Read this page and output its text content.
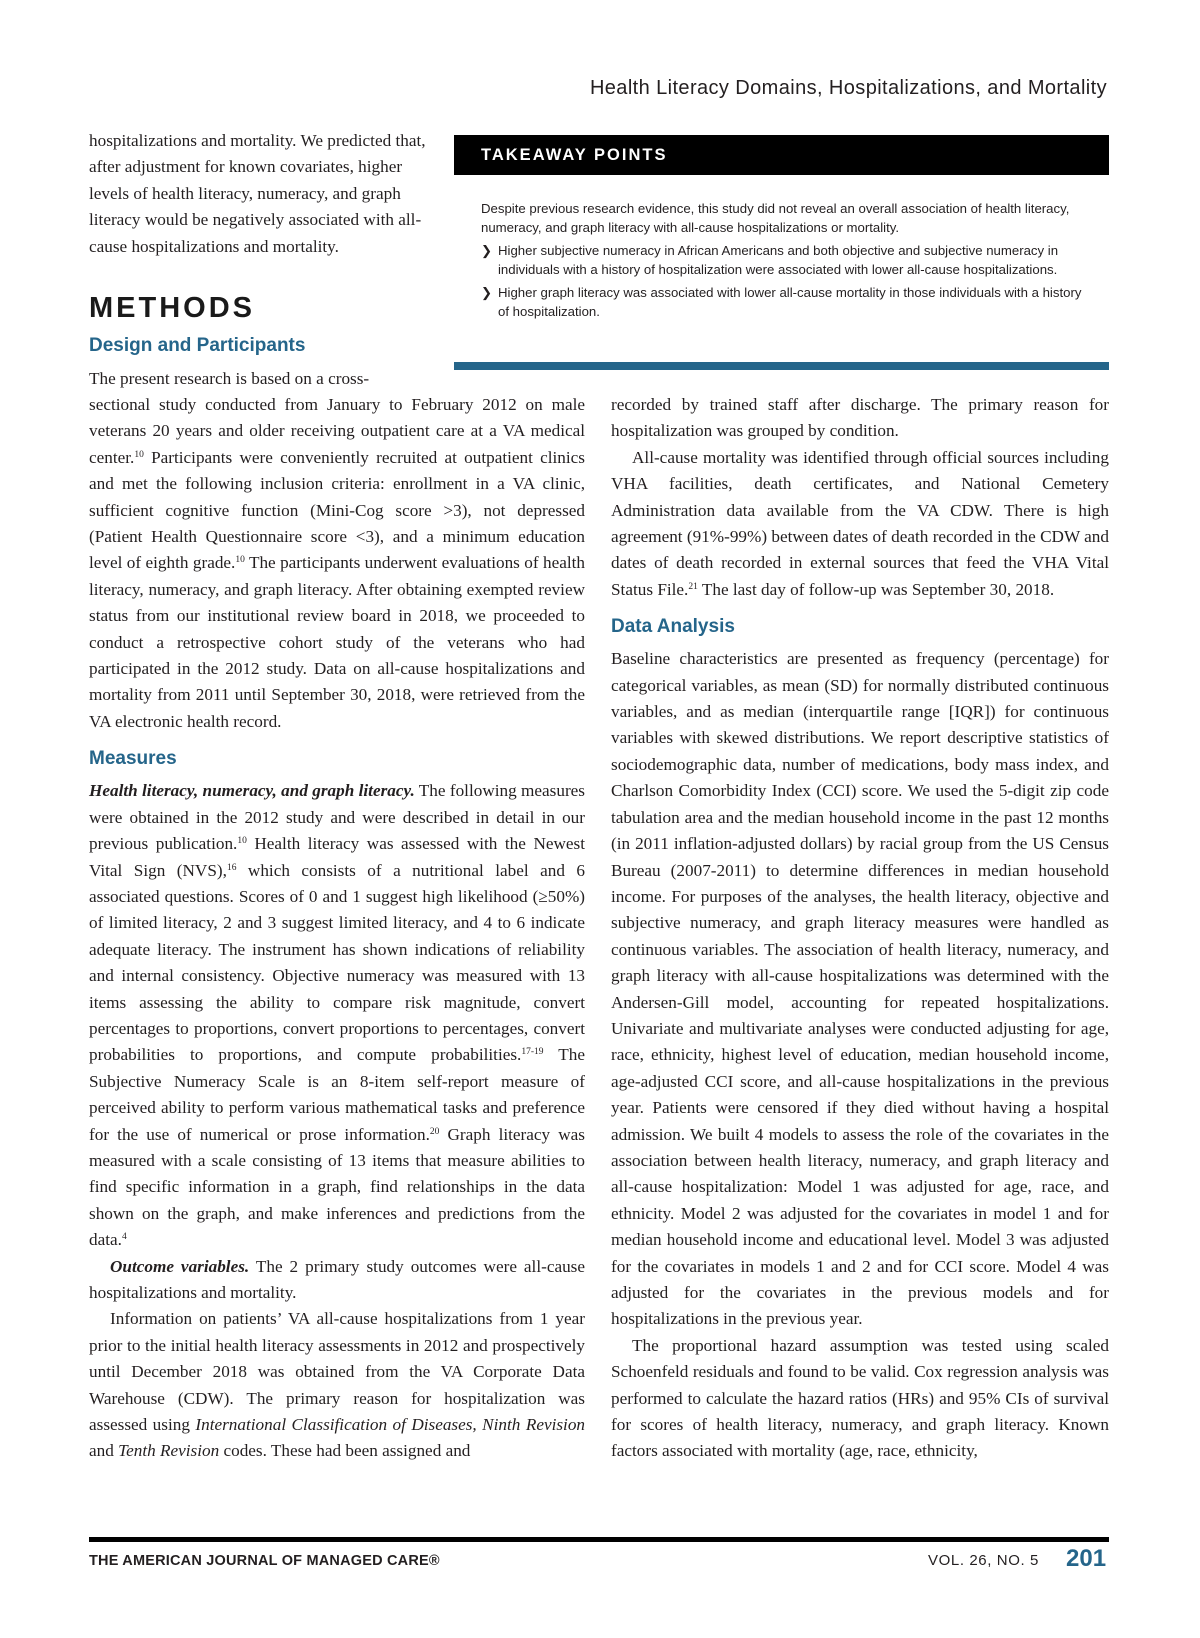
Health Literacy Domains, Hospitalizations, and Mortality

hospitalizations and mortality. We predicted that, after adjustment for known covariates, higher levels of health literacy, numeracy, and graph literacy would be negatively associated with all-cause hospitalizations and mortality.

TAKEAWAY POINTS

Despite previous research evidence, this study did not reveal an overall association of health literacy, numeracy, and graph literacy with all-cause hospitalizations or mortality.

❯ Higher subjective numeracy in African Americans and both objective and subjective numeracy in individuals with a history of hospitalization were associated with lower all-cause hospitalizations.
❯ Higher graph literacy was associated with lower all-cause mortality in those individuals with a history of hospitalization.
METHODS
Design and Participants

The present research is based on a cross-

sectional study conducted from January to February 2012 on male veterans 20 years and older receiving outpatient care at a VA medical center.$^{10}$ Participants were conveniently recruited at outpatient clinics and met the following inclusion criteria: enrollment in a VA clinic, sufficient cognitive function (Mini-Cog score >3), not depressed (Patient Health Questionnaire score <3), and a minimum education level of eighth grade.$^{10}$ The participants underwent evaluations of health literacy, numeracy, and graph literacy. After obtaining exempted review status from our institutional review board in 2018, we proceeded to conduct a retrospective cohort study of the veterans who had participated in the 2012 study. Data on all-cause hospitalizations and mortality from 2011 until September 30, 2018, were retrieved from the VA electronic health record.

Measures

Health literacy, numeracy, and graph literacy. The following measures were obtained in the 2012 study and were described in detail in our previous publication.$^{10}$ Health literacy was assessed with the Newest Vital Sign (NVS),$^{16}$ which consists of a nutritional label and 6 associated questions. Scores of 0 and 1 suggest high likelihood (≥50%) of limited literacy, 2 and 3 suggest limited literacy, and 4 to 6 indicate adequate literacy. The instrument has shown indications of reliability and internal consistency. Objective numeracy was measured with 13 items assessing the ability to compare risk magnitude, convert percentages to proportions, convert proportions to percentages, convert probabilities to proportions, and compute probabilities.$^{17-19}$ The Subjective Numeracy Scale is an 8-item self-report measure of perceived ability to perform various mathematical tasks and preference for the use of numerical or prose information.$^{20}$ Graph literacy was measured with a scale consisting of 13 items that measure abilities to find specific information in a graph, find relationships in the data shown on the graph, and make inferences and predictions from the data.$^4$

Outcome variables. The 2 primary study outcomes were all-cause hospitalizations and mortality.

Information on patients’ VA all-cause hospitalizations from 1 year prior to the initial health literacy assessments in 2012 and prospectively until December 2018 was obtained from the VA Corporate Data Warehouse (CDW). The primary reason for hospitalization was assessed using International Classification of Diseases, Ninth Revision and Tenth Revision codes. These had been assigned and

recorded by trained staff after discharge. The primary reason for hospitalization was grouped by condition.

All-cause mortality was identified through official sources including VHA facilities, death certificates, and National Cemetery Administration data available from the VA CDW. There is high agreement (91%-99%) between dates of death recorded in the CDW and dates of death recorded in external sources that feed the VHA Vital Status File.$^{21}$ The last day of follow-up was September 30, 2018.

Data Analysis

Baseline characteristics are presented as frequency (percentage) for categorical variables, as mean (SD) for normally distributed continuous variables, and as median (interquartile range [IQR]) for continuous variables with skewed distributions. We report descriptive statistics of sociodemographic data, number of medications, body mass index, and Charlson Comorbidity Index (CCI) score. We used the 5-digit zip code tabulation area and the median household income in the past 12 months (in 2011 inflation-adjusted dollars) by racial group from the US Census Bureau (2007-2011) to determine differences in median household income. For purposes of the analyses, the health literacy, objective and subjective numeracy, and graph literacy measures were handled as continuous variables. The association of health literacy, numeracy, and graph literacy with all-cause hospitalizations was determined with the Andersen-Gill model, accounting for repeated hospitalizations. Univariate and multivariate analyses were conducted adjusting for age, race, ethnicity, highest level of education, median household income, age-adjusted CCI score, and all-cause hospitalizations in the previous year. Patients were censored if they died without having a hospital admission. We built 4 models to assess the role of the covariates in the association between health literacy, numeracy, and graph literacy and all-cause hospitalization: Model 1 was adjusted for age, race, and ethnicity. Model 2 was adjusted for the covariates in model 1 and for median household income and educational level. Model 3 was adjusted for the covariates in models 1 and 2 and for CCI score. Model 4 was adjusted for the covariates in the previous models and for hospitalizations in the previous year.

The proportional hazard assumption was tested using scaled Schoenfeld residuals and found to be valid. Cox regression analysis was performed to calculate the hazard ratios (HRs) and 95% CIs of survival for scores of health literacy, numeracy, and graph literacy. Known factors associated with mortality (age, race, ethnicity,

THE AMERICAN JOURNAL OF MANAGED CARE®	VOL. 26, NO. 5 201
